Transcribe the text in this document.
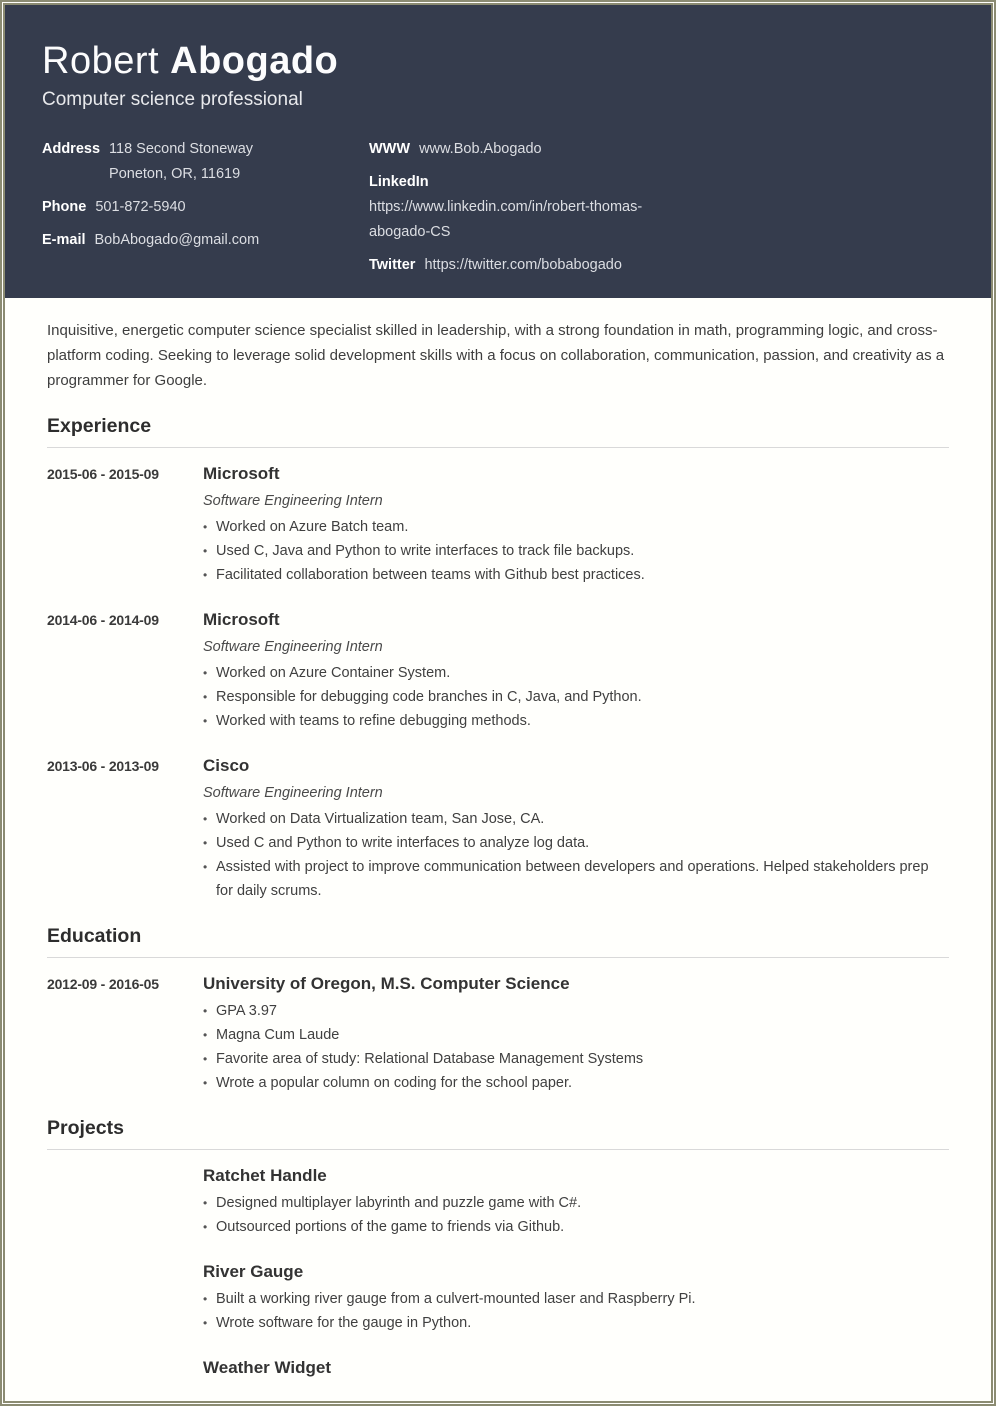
Robert Abogado
Computer science professional
Address 118 Second Stoneway
Poneton, OR, 11619
Phone 501-872-5940
E-mail BobAbogado@gmail.com
WWW www.Bob.Abogado
LinkedIn
https://www.linkedin.com/in/robert-thomas-
abogado-CS
Twitter https://twitter.com/bobabogado

Inquisitive, energetic computer science specialist skilled in leadership, with a strong foundation in math, programming logic, and cross-platform coding. Seeking to leverage solid development skills with a focus on collaboration, communication, passion, and creativity as a programmer for Google.

Experience
2015-06 - 2015-09	Microsoft
Software Engineering Intern
• Worked on Azure Batch team.
• Used C, Java and Python to write interfaces to track file backups.
• Facilitated collaboration between teams with Github best practices.
2014-06 - 2014-09	Microsoft
Software Engineering Intern
• Worked on Azure Container System.
• Responsible for debugging code branches in C, Java, and Python.
• Worked with teams to refine debugging methods.
2013-06 - 2013-09	Cisco
Software Engineering Intern
• Worked on Data Virtualization team, San Jose, CA.
• Used C and Python to write interfaces to analyze log data.
• Assisted with project to improve communication between developers and operations. Helped stakeholders prep for daily scrums.
Education
2012-09 - 2016-05	University of Oregon, M.S. Computer Science
• GPA 3.97
• Magna Cum Laude
• Favorite area of study: Relational Database Management Systems
• Wrote a popular column on coding for the school paper.
Projects
Ratchet Handle
• Designed multiplayer labyrinth and puzzle game with C#.
• Outsourced portions of the game to friends via Github.
River Gauge
• Built a working river gauge from a culvert-mounted laser and Raspberry Pi.
• Wrote software for the gauge in Python.
Weather Widget
